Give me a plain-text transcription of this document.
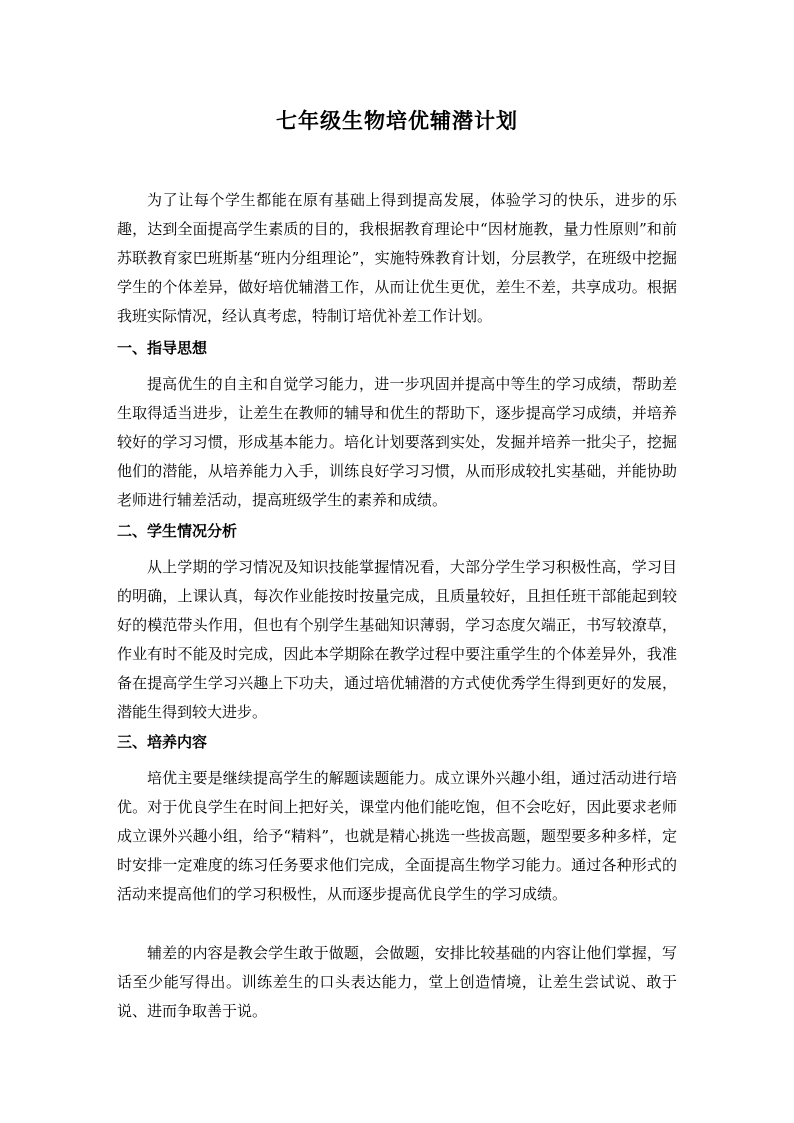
七年级生物培优辅潜计划

为了让每个学生都能在原有基础上得到提高发展，体验学习的快乐，进步的乐趣，达到全面提高学生素质的目的，我根据教育理论中“因材施教，量力性原则”和前苏联教育家巴班斯基“班内分组理论”，实施特殊教育计划，分层教学，在班级中挖掘学生的个体差异，做好培优辅潜工作，从而让优生更优，差生不差，共享成功。根据我班实际情况，经认真考虑，特制订培优补差工作计划。

一、指导思想

提高优生的自主和自觉学习能力，进一步巩固并提高中等生的学习成绩，帮助差生取得适当进步，让差生在教师的辅导和优生的帮助下，逐步提高学习成绩，并培养较好的学习习惯，形成基本能力。培化计划要落到实处，发掘并培养一批尖子，挖掘他们的潜能，从培养能力入手，训练良好学习习惯，从而形成较扎实基础，并能协助老师进行辅差活动，提高班级学生的素养和成绩。

二、学生情况分析

从上学期的学习情况及知识技能掌握情况看，大部分学生学习积极性高，学习目的明确，上课认真，每次作业能按时按量完成，且质量较好，且担任班干部能起到较好的模范带头作用，但也有个别学生基础知识薄弱，学习态度欠端正，书写较潦草，作业有时不能及时完成，因此本学期除在教学过程中要注重学生的个体差异外，我准备在提高学生学习兴趣上下功夫，通过培优辅潜的方式使优秀学生得到更好的发展，潜能生得到较大进步。

三、培养内容

培优主要是继续提高学生的解题读题能力。成立课外兴趣小组，通过活动进行培优。对于优良学生在时间上把好关，课堂内他们能吃饱，但不会吃好，因此要求老师成立课外兴趣小组，给予“精料”，也就是精心挑选一些拔高题，题型要多种多样，定时安排一定难度的练习任务要求他们完成，全面提高生物学习能力。通过各种形式的活动来提高他们的学习积极性，从而逐步提高优良学生的学习成绩。

辅差的内容是教会学生敢于做题，会做题，安排比较基础的内容让他们掌握，写话至少能写得出。训练差生的口头表达能力，堂上创造情境，让差生尝试说、敢于说、进而争取善于说。
